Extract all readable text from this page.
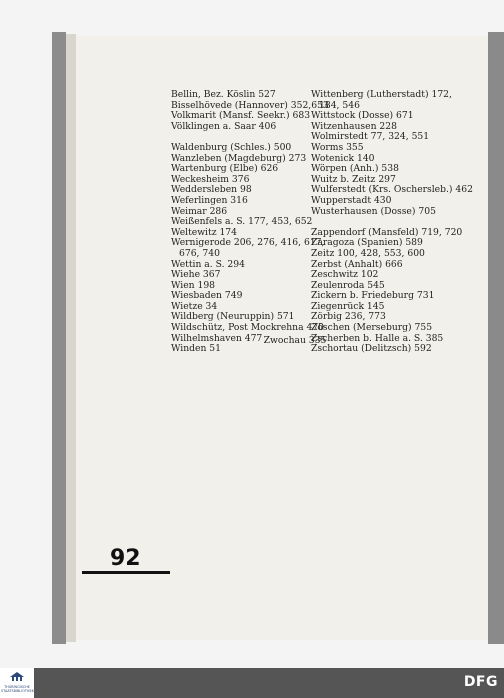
Bellin, Bez. Köslin 527
Bisselhövede (Hannover) 352,653
Volkmarit (Mansf. Seekr.) 683
Völklingen a. Saar 406
Waldenburg (Schles.) 500
Wanzleben (Magdeburg) 273
Wartenburg (Elbe) 626
Weckesheim 376
Weddersleben 98
Weferlingen 316
Weimar 286
Weißenfels a. S. 177, 453, 652
Weltewitz 174
Wernigerode 206, 276, 416, 617,
676, 740
Wettin a. S. 294
Wiehe 367
Wien 198
Wiesbaden 749
Wietze 34
Wildberg (Neuruppin) 571
Wildschütz, Post Mockrehna 470
Wilhelmshaven 477
Winden 51
Wittenberg (Lutherstadt) 172,
184, 546
Wittstock (Dosse) 671
Witzenhausen 228
Wolmirstedt 77, 324, 551
Worms 355
Wotenick 140
Wörpen (Anh.) 538
Wuitz b. Zeitz 297
Wulferstedt (Krs. Oschersleb.) 462
Wupperstadt 430
Wusterhausen (Dosse) 705
Zappendorf (Mansfeld) 719, 720
Zaragoza (Spanien) 589
Zeitz 100, 428, 553, 600
Zerbst (Anhalt) 666
Zeschwitz 102
Zeulenroda 545
Zickern b. Friedeburg 731
Ziegenrück 145
Zörbig 236, 773
Zöschen (Merseburg) 755
Zscherben b. Halle a. S. 385
Zschortau (Delitzsch) 592
Zwochau 335
92
THÜRINGISCHE
STAATSBIBLIOTHEK
DFG
